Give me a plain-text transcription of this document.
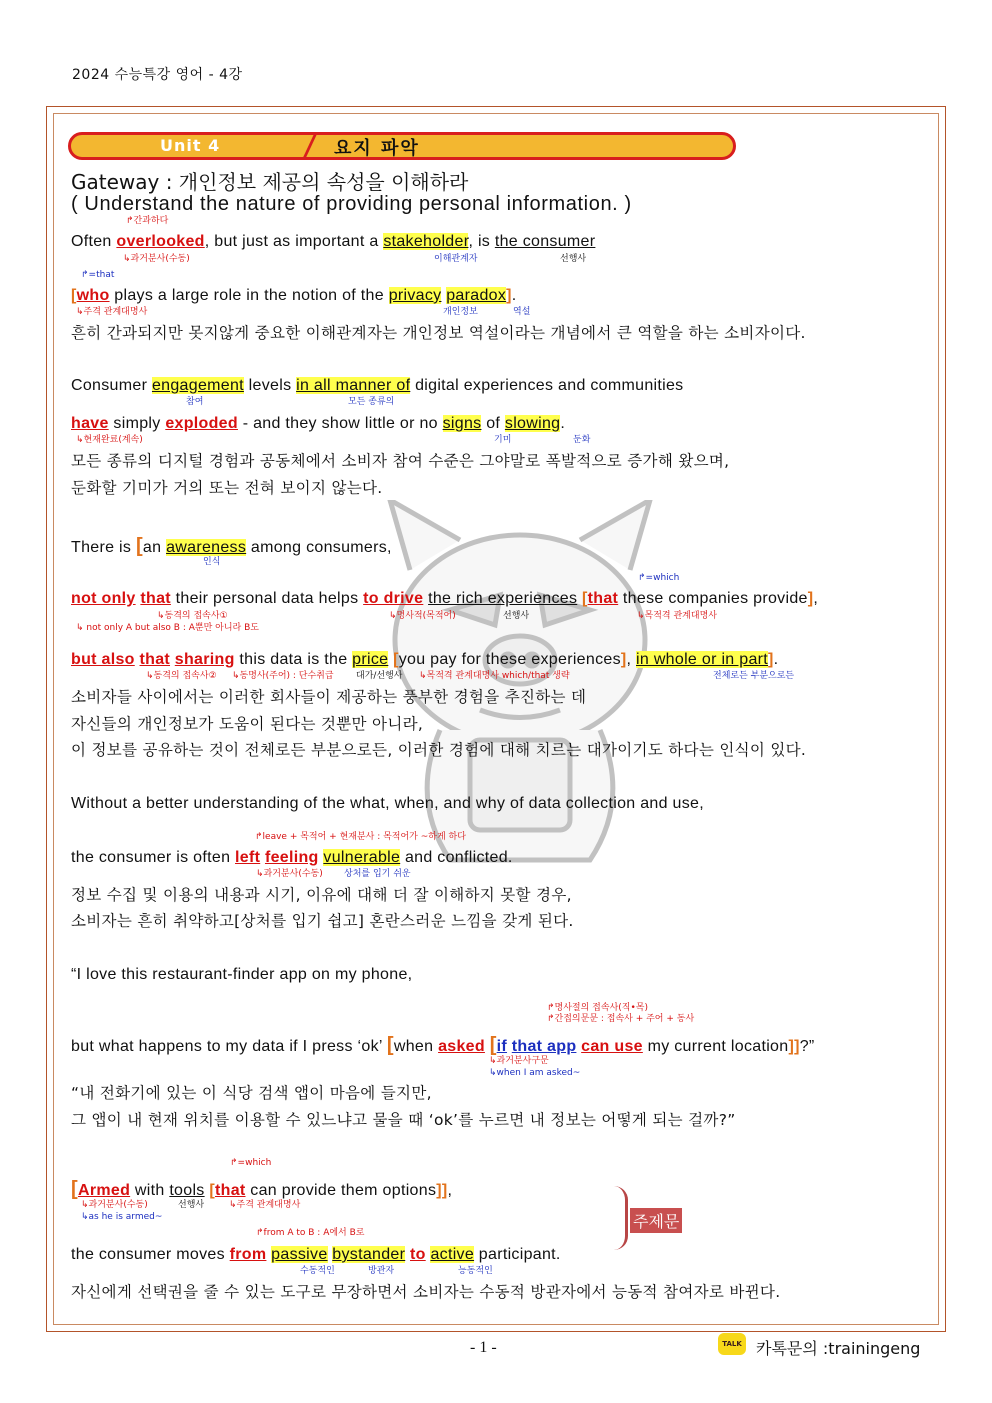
2024 수능특강 영어 - 4강
Unit 4	요지 파악
Gateway : 개인정보 제공의 속성을 이해하라
( Understand the nature of providing personal information. )
↱간과하다
Often overlooked, but just as important a stakeholder, is the consumer
↳과거분사(수동)	이해관계자	선행사
↱=that
[who plays a large role in the notion of the privacy paradox].
↳주격 관계대명사	개인정보	역설
흔히 간과되지만 못지않게 중요한 이해관계자는 개인정보 역설이라는 개념에서 큰 역할을 하는 소비자이다.
Consumer engagement levels in all manner of digital experiences and communities
참여	모든 종류의
have simply exploded - and they show little or no signs of slowing.
↳현재완료(계속)	기미	둔화
모든 종류의 디지털 경험과 공동체에서 소비자 참여 수준은 그야말로 폭발적으로 증가해 왔으며,
둔화할 기미가 거의 또는 전혀 보이지 않는다.
There is [an awareness among consumers,
인식
↱=which
not only that their personal data helps to drive the rich experiences [that these companies provide],
↳동격의 접속사①	↳명사적(목적어)	선행사	↳목적격 관계대명사
↳ not only A but also B : A뿐만 아니라 B도
but also that sharing this data is the price [you pay for these experiences], in whole or in part].
↳동격의 접속사② ↳동명사(주어) : 단수취급 대가/선행사 ↳목적격 관계대명사 which/that 생략	전체로든 부분으로든
소비자들 사이에서는 이러한 회사들이 제공하는 풍부한 경험을 추진하는 데
자신들의 개인정보가 도움이 된다는 것뿐만 아니라,
이 정보를 공유하는 것이 전체로든 부분으로든, 이러한 경험에 대해 치르는 대가이기도 하다는 인식이 있다.
Without a better understanding of the what, when, and why of data collection and use,
↱leave + 목적어 + 현재분사 : 목적어가 ~하게 하다
the consumer is often left feeling vulnerable and conflicted.
↳과거분사(수동) 상처를 입기 쉬운
정보 수집 및 이용의 내용과 시기, 이유에 대해 더 잘 이해하지 못할 경우,
소비자는 흔히 취약하고[상처를 입기 쉽고] 혼란스러운 느낌을 갖게 된다.
“I love this restaurant-finder app on my phone,
↱명사절의 접속사(직•목)
↱간접의문문 : 접속사 + 주어 + 동사
but what happens to my data if I press ‘ok’ [when asked [if that app can use my current location]]?”
↳과거분사구문
↳when I am asked~
“내 전화기에 있는 이 식당 검색 앱이 마음에 들지만,
그 앱이 내 현재 위치를 이용할 수 있느냐고 물을 때 ‘ok’를 누르면 내 정보는 어떻게 되는 걸까?”
↱=which
[Armed with tools [that can provide them options]],
↳과거분사(수동)	선행사	↳주격 관계대명사
↳as he is armed~
↱from A to B : A에서 B로
the consumer moves from passive bystander to active participant.
수동적인	방관자	능동적인
자신에게 선택권을 줄 수 있는 도구로 무장하면서 소비자는 수동적 방관자에서 능동적 참여자로 바뀐다.
주제문
- 1 -	TALK 카톡문의 :trainingeng
